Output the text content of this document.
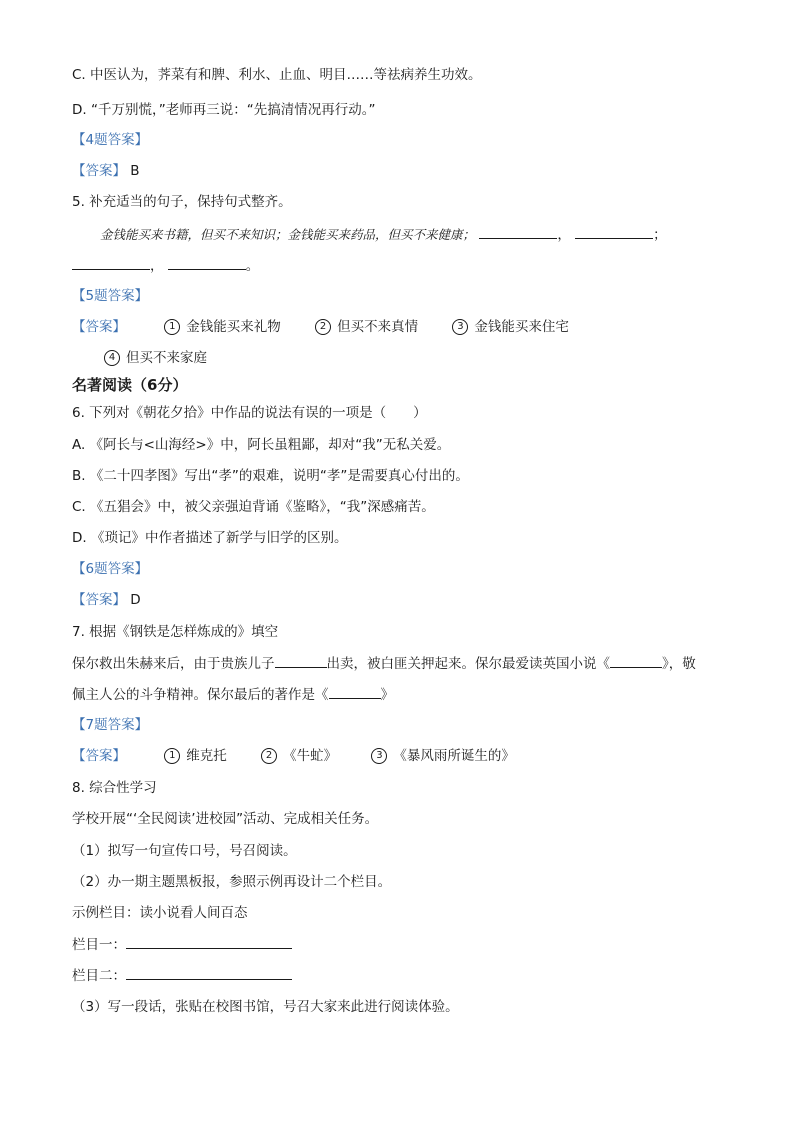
C. 中医认为，荠菜有和脾、利水、止血、明目……等祛病养生功效。
D. “千万别慌，”老师再三说：“先搞清情况再行动。”
【4题答案】
【答案】 B
5. 补充适当的句子，保持句式整齐。
金钱能买来书籍，但买不来知识；金钱能买来药品，但买不来健康；	，	；
，	。
【5题答案】
【答案】	1 金钱能买来礼物	2 但买不来真情	3 金钱能买来住宅
4 但买不来家庭
名著阅读（6分）
6. 下列对《朝花夕拾》中作品的说法有误的一项是（　　）
A. 《阿长与<山海经>》中，阿长虽粗鄙，却对“我”无私关爱。
B. 《二十四孝图》写出“孝”的艰难，说明“孝”是需要真心付出的。
C. 《五猖会》中，被父亲强迫背诵《鉴略》，“我”深感痛苦。
D. 《琐记》中作者描述了新学与旧学的区别。
【6题答案】
【答案】 D
7. 根据《钢铁是怎样炼成的》填空
保尔救出朱赫来后，由于贵族儿子	出卖，被白匪关押起来。保尔最爱读英国小说《	》，敬
佩主人公的斗争精神。保尔最后的著作是《	》
【7题答案】
【答案】	1 维克托	2 《牛虻》	3 《暴风雨所诞生的》
8. 综合性学习
学校开展“‘全民阅读’进校园”活动、完成相关任务。
（1）拟写一句宣传口号，号召阅读。
（2）办一期主题黑板报，参照示例再设计二个栏目。
示例栏目：读小说看人间百态
栏目一：
栏目二：
（3）写一段话，张贴在校图书馆，号召大家来此进行阅读体验。
